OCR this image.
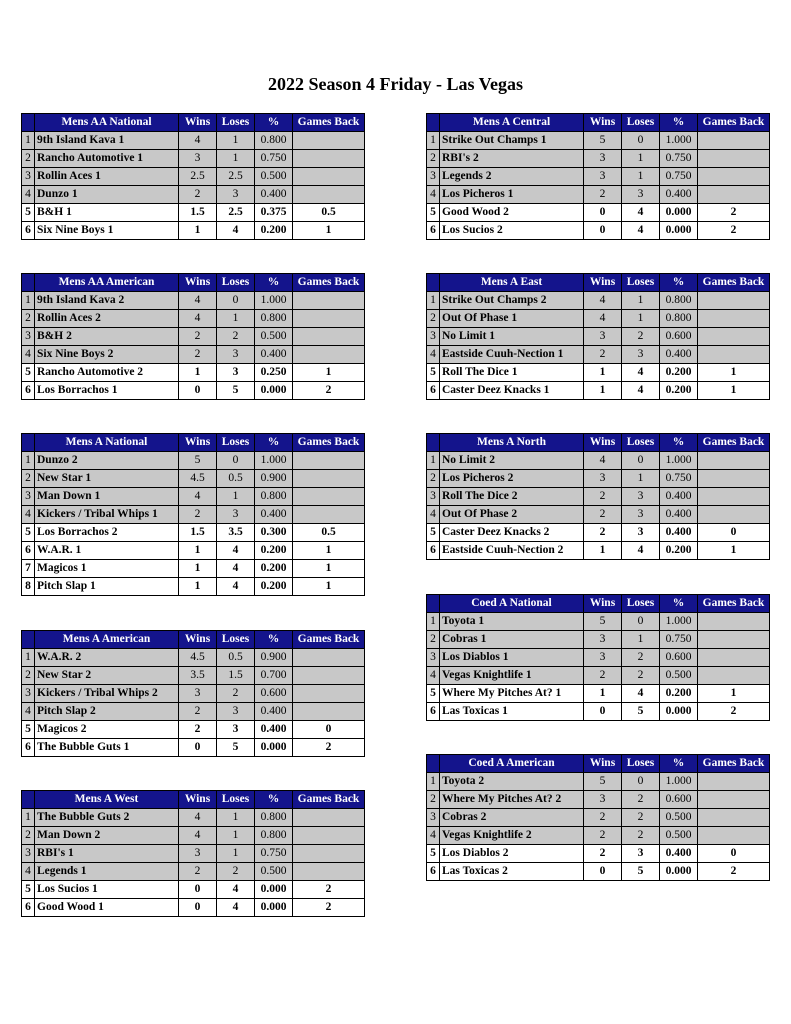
2022 Season 4 Friday - Las Vegas
	Mens AA National	Wins	Loses	%	Games Back
1	9th Island Kava 1	4	1	0.800	
2	Rancho Automotive 1	3	1	0.750	
3	Rollin Aces 1	2.5	2.5	0.500	
4	Dunzo 1	2	3	0.400	
5	B&H 1	1.5	2.5	0.375	0.5
6	Six Nine Boys 1	1	4	0.200	1
	Mens A Central	Wins	Loses	%	Games Back
1	Strike Out Champs 1	5	0	1.000	
2	RBI's 2	3	1	0.750	
3	Legends 2	3	1	0.750	
4	Los Picheros 1	2	3	0.400	
5	Good Wood 2	0	4	0.000	2
6	Los Sucios 2	0	4	0.000	2
	Mens AA American	Wins	Loses	%	Games Back
1	9th Island Kava 2	4	0	1.000	
2	Rollin Aces 2	4	1	0.800	
3	B&H 2	2	2	0.500	
4	Six Nine Boys 2	2	3	0.400	
5	Rancho Automotive 2	1	3	0.250	1
6	Los Borrachos 1	0	5	0.000	2
	Mens A East	Wins	Loses	%	Games Back
1	Strike Out Champs 2	4	1	0.800	
2	Out Of Phase 1	4	1	0.800	
3	No Limit 1	3	2	0.600	
4	Eastside Cuuh-Nection 1	2	3	0.400	
5	Roll The Dice 1	1	4	0.200	1
6	Caster Deez Knacks 1	1	4	0.200	1
	Mens A National	Wins	Loses	%	Games Back
1	Dunzo 2	5	0	1.000	
2	New Star 1	4.5	0.5	0.900	
3	Man Down 1	4	1	0.800	
4	Kickers / Tribal Whips 1	2	3	0.400	
5	Los Borrachos 2	1.5	3.5	0.300	0.5
6	W.A.R. 1	1	4	0.200	1
7	Magicos 1	1	4	0.200	1
8	Pitch Slap 1	1	4	0.200	1
	Mens A North	Wins	Loses	%	Games Back
1	No Limit 2	4	0	1.000	
2	Los Picheros 2	3	1	0.750	
3	Roll The Dice 2	2	3	0.400	
4	Out Of Phase 2	2	3	0.400	
5	Caster Deez Knacks 2	2	3	0.400	0
6	Eastside Cuuh-Nection 2	1	4	0.200	1
	Coed A National	Wins	Loses	%	Games Back
1	Toyota 1	5	0	1.000	
2	Cobras 1	3	1	0.750	
3	Los Diablos 1	3	2	0.600	
4	Vegas Knightlife 1	2	2	0.500	
5	Where My Pitches At? 1	1	4	0.200	1
6	Las Toxicas 1	0	5	0.000	2
	Mens A American	Wins	Loses	%	Games Back
1	W.A.R. 2	4.5	0.5	0.900	
2	New Star 2	3.5	1.5	0.700	
3	Kickers / Tribal Whips 2	3	2	0.600	
4	Pitch Slap 2	2	3	0.400	
5	Magicos 2	2	3	0.400	0
6	The Bubble Guts 1	0	5	0.000	2
	Coed A American	Wins	Loses	%	Games Back
1	Toyota 2	5	0	1.000	
2	Where My Pitches At? 2	3	2	0.600	
3	Cobras 2	2	2	0.500	
4	Vegas Knightlife 2	2	2	0.500	
5	Los Diablos 2	2	3	0.400	0
6	Las Toxicas 2	0	5	0.000	2
	Mens A West	Wins	Loses	%	Games Back
1	The Bubble Guts 2	4	1	0.800	
2	Man Down 2	4	1	0.800	
3	RBI's 1	3	1	0.750	
4	Legends 1	2	2	0.500	
5	Los Sucios 1	0	4	0.000	2
6	Good Wood 1	0	4	0.000	2
